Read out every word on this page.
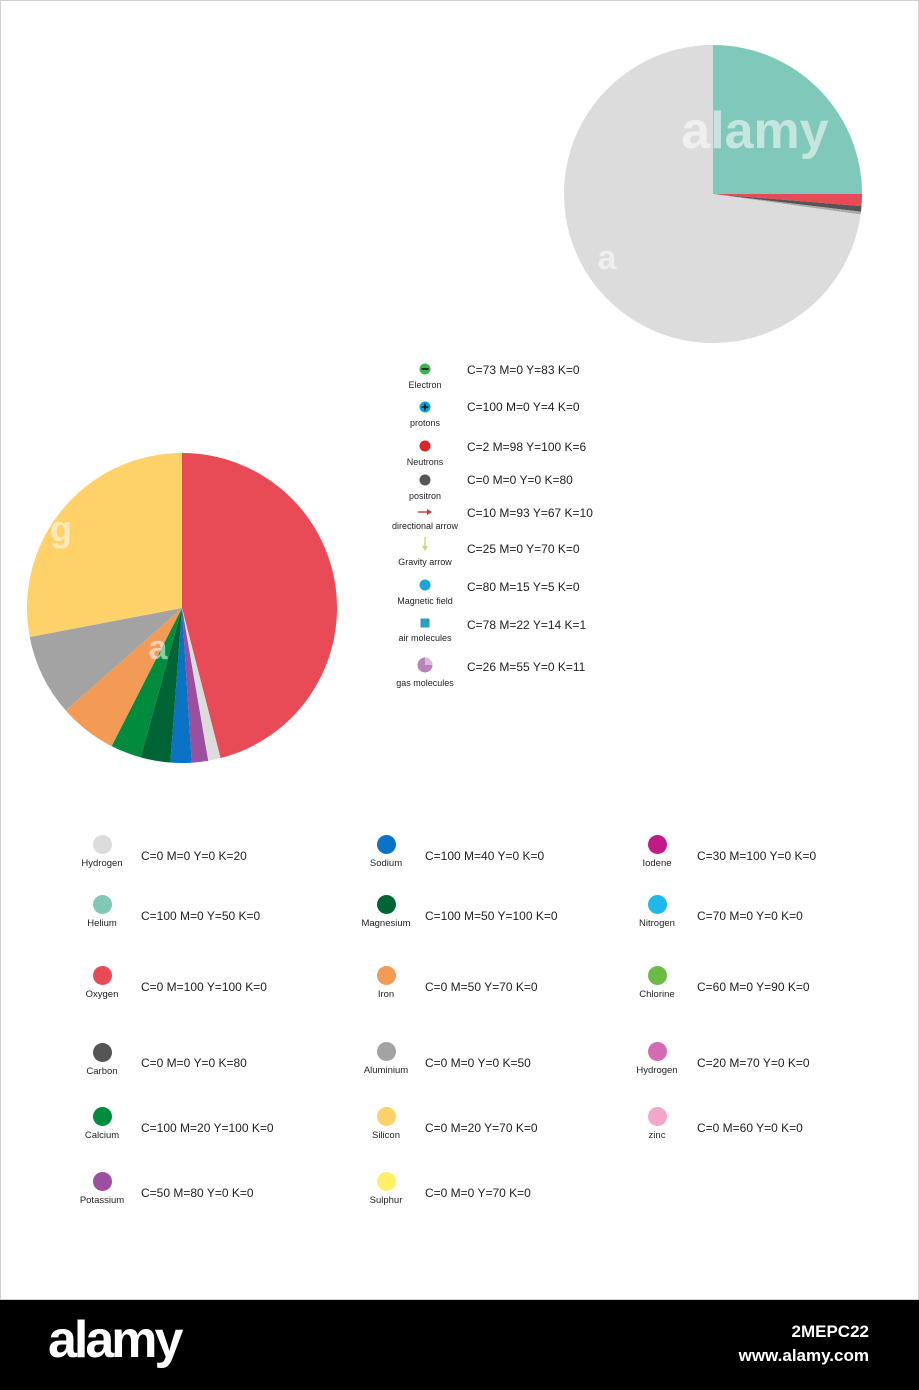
alamy
a
a
g
Electron
C=73 M=0 Y=83 K=0
protons
C=100 M=0 Y=4 K=0
Neutrons
C=2 M=98 Y=100 K=6
positron
C=0 M=0 Y=0 K=80
directional arrow
C=10 M=93 Y=67 K=10
Gravity arrow
C=25 M=0 Y=70 K=0
Magnetic field
C=80 M=15 Y=5 K=0
air molecules
C=78 M=22 Y=14 K=1
gas molecules
C=26 M=55 Y=0 K=11
Hydrogen
C=0 M=0 Y=0 K=20
Helium
C=100 M=0 Y=50 K=0
Oxygen
C=0 M=100 Y=100 K=0
Carbon
C=0 M=0 Y=0 K=80
Calcium
C=100 M=20 Y=100 K=0
Potassium
C=50 M=80 Y=0 K=0
Sodium
C=100 M=40 Y=0 K=0
Magnesium
C=100 M=50 Y=100 K=0
Iron
C=0 M=50 Y=70 K=0
Aluminium
C=0 M=0 Y=0 K=50
Silicon
C=0 M=20 Y=70 K=0
Sulphur
C=0 M=0 Y=70 K=0
Iodene
C=30 M=100 Y=0 K=0
Nitrogen
C=70 M=0 Y=0 K=0
Chlorine
C=60 M=0 Y=90 K=0
Hydrogen
C=20 M=70 Y=0 K=0
zinc
C=0 M=60 Y=0 K=0
alamy	2MEPC22
www.alamy.com
